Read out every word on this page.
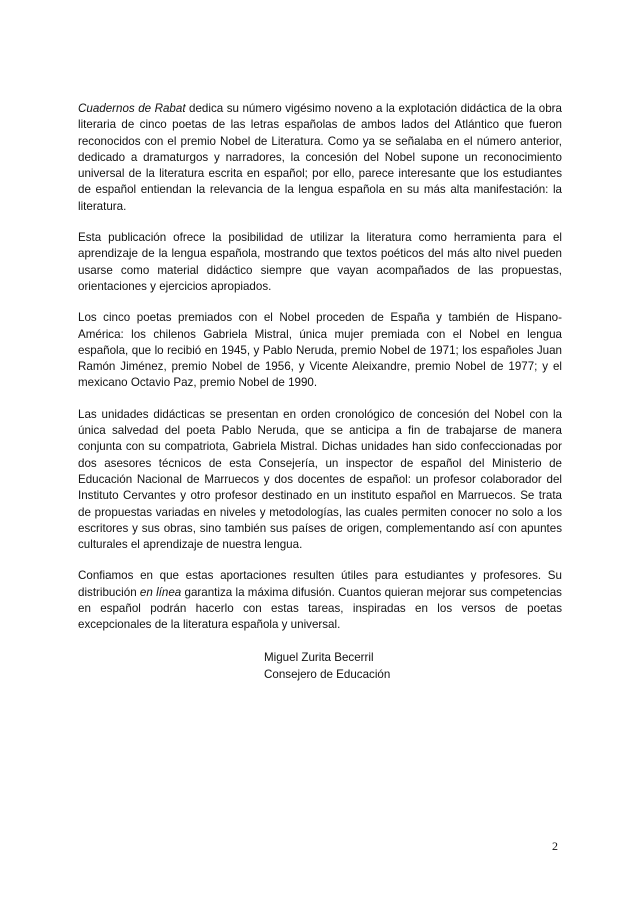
Cuadernos de Rabat dedica su número vigésimo noveno a la explotación didáctica de la obra literaria de cinco poetas de las letras españolas de ambos lados del Atlántico que fueron reconocidos con el premio Nobel de Literatura. Como ya se señalaba en el número anterior, dedicado a dramaturgos y narradores, la concesión del Nobel supone un reconocimiento universal de la literatura escrita en español; por ello, parece interesante que los estudiantes de español entiendan la relevancia de la lengua española en su más alta manifestación: la literatura.

Esta publicación ofrece la posibilidad de utilizar la literatura como herramienta para el aprendizaje de la lengua española, mostrando que textos poéticos del más alto nivel pueden usarse como material didáctico siempre que vayan acompañados de las propuestas, orientaciones y ejercicios apropiados.

Los cinco poetas premiados con el Nobel proceden de España y también de Hispano-América: los chilenos Gabriela Mistral, única mujer premiada con el Nobel en lengua española, que lo recibió en 1945, y Pablo Neruda, premio Nobel de 1971; los españoles Juan Ramón Jiménez, premio Nobel de 1956, y Vicente Aleixandre, premio Nobel de 1977; y el mexicano Octavio Paz, premio Nobel de 1990.

Las unidades didácticas se presentan en orden cronológico de concesión del Nobel con la única salvedad del poeta Pablo Neruda, que se anticipa a fin de trabajarse de manera conjunta con su compatriota, Gabriela Mistral. Dichas unidades han sido confeccionadas por dos asesores técnicos de esta Consejería, un inspector de español del Ministerio de Educación Nacional de Marruecos y dos docentes de español: un profesor colaborador del Instituto Cervantes y otro profesor destinado en un instituto español en Marruecos. Se trata de propuestas variadas en niveles y metodologías, las cuales permiten conocer no solo a los escritores y sus obras, sino también sus países de origen, complementando así con apuntes culturales el aprendizaje de nuestra lengua.

Confiamos en que estas aportaciones resulten útiles para estudiantes y profesores. Su distribución en línea garantiza la máxima difusión. Cuantos quieran mejorar sus competencias en español podrán hacerlo con estas tareas, inspiradas en los versos de poetas excepcionales de la literatura española y universal.

Miguel Zurita Becerril
Consejero de Educación
2
